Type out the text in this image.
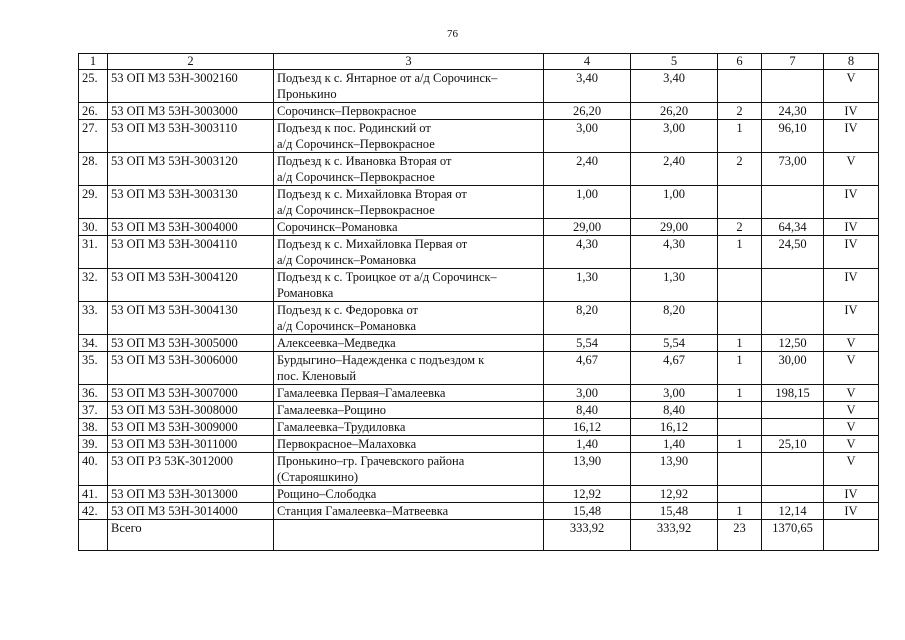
76
1	2	3	4	5	6	7	8
25.	53 ОП МЗ 53Н-3002160	Подъезд к с. Янтарное от а/д Сорочинск–
Пронькино	3,40	3,40			V
26.	53 ОП МЗ 53Н-3003000	Сорочинск–Первокрасное	26,20	26,20	2	24,30	IV
27.	53 ОП МЗ 53Н-3003110	Подъезд к пос. Родинский от
а/д Сорочинск–Первокрасное	3,00	3,00	1	96,10	IV
28.	53 ОП МЗ 53Н-3003120	Подъезд к с. Ивановка Вторая от
а/д Сорочинск–Первокрасное	2,40	2,40	2	73,00	V
29.	53 ОП МЗ 53Н-3003130	Подъезд к с. Михайловка Вторая от
а/д Сорочинск–Первокрасное	1,00	1,00			IV
30.	53 ОП МЗ 53Н-3004000	Сорочинск–Романовка	29,00	29,00	2	64,34	IV
31.	53 ОП МЗ 53Н-3004110	Подъезд к с. Михайловка Первая от
а/д Сорочинск–Романовка	4,30	4,30	1	24,50	IV
32.	53 ОП МЗ 53Н-3004120	Подъезд к с. Троицкое от а/д Сорочинск–
Романовка	1,30	1,30			IV
33.	53 ОП МЗ 53Н-3004130	Подъезд к с. Федоровка от
а/д Сорочинск–Романовка	8,20	8,20			IV
34.	53 ОП МЗ 53Н-3005000	Алексеевка–Медведка	5,54	5,54	1	12,50	V
35.	53 ОП МЗ 53Н-3006000	Бурдыгино–Надежденка с подъездом к
пос. Кленовый	4,67	4,67	1	30,00	V
36.	53 ОП МЗ 53Н-3007000	Гамалеевка Первая–Гамалеевка	3,00	3,00	1	198,15	V
37.	53 ОП МЗ 53Н-3008000	Гамалеевка–Рощино	8,40	8,40			V
38.	53 ОП МЗ 53Н-3009000	Гамалеевка–Трудиловка	16,12	16,12			V
39.	53 ОП МЗ 53Н-3011000	Первокрасное–Малаховка	1,40	1,40	1	25,10	V
40.	53 ОП РЗ 53К-3012000	Пронькино–гр. Грачевского района
(Старояшкино)	13,90	13,90			V
41.	53 ОП МЗ 53Н-3013000	Рощино–Слободка	12,92	12,92			IV
42.	53 ОП МЗ 53Н-3014000	Станция Гамалеевка–Матвеевка	15,48	15,48	1	12,14	IV
	Всего		333,92	333,92	23	1370,65	
